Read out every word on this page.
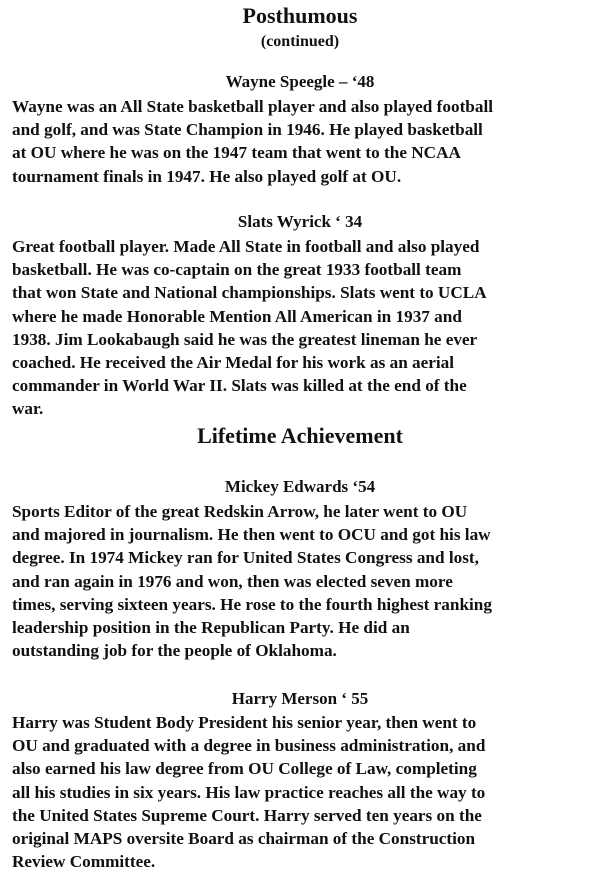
Posthumous
(continued)
Wayne Speegle – ‘48
Wayne was an All State basketball player and also played football
and golf, and was State Champion in 1946. He played basketball
at OU where he was on the 1947 team that went to the NCAA
tournament finals in 1947. He also played golf at OU.
Slats Wyrick ‘ 34
Great football player. Made All State in football and also played
basketball. He was co-captain on the great 1933 football team
that won State and National championships. Slats went to UCLA
where he made Honorable Mention All American in 1937 and
1938. Jim Lookabaugh said he was the greatest lineman he ever
coached. He received the Air Medal for his work as an aerial
commander in World War II. Slats was killed at the end of the
war.
Lifetime Achievement
Mickey Edwards ‘54
Sports Editor of the great Redskin Arrow, he later went to OU
and majored in journalism. He then went to OCU and got his law
degree. In 1974 Mickey ran for United States Congress and lost,
and ran again in 1976 and won, then was elected seven more
times, serving sixteen years. He rose to the fourth highest ranking
leadership position in the Republican Party. He did an
outstanding job for the people of Oklahoma.
Harry Merson ‘ 55
Harry was Student Body President his senior year, then went to
OU and graduated with a degree in business administration, and
also earned his law degree from OU College of Law, completing
all his studies in six years. His law practice reaches all the way to
the United States Supreme Court. Harry served ten years on the
original MAPS oversite Board as chairman of the Construction
Review Committee.
